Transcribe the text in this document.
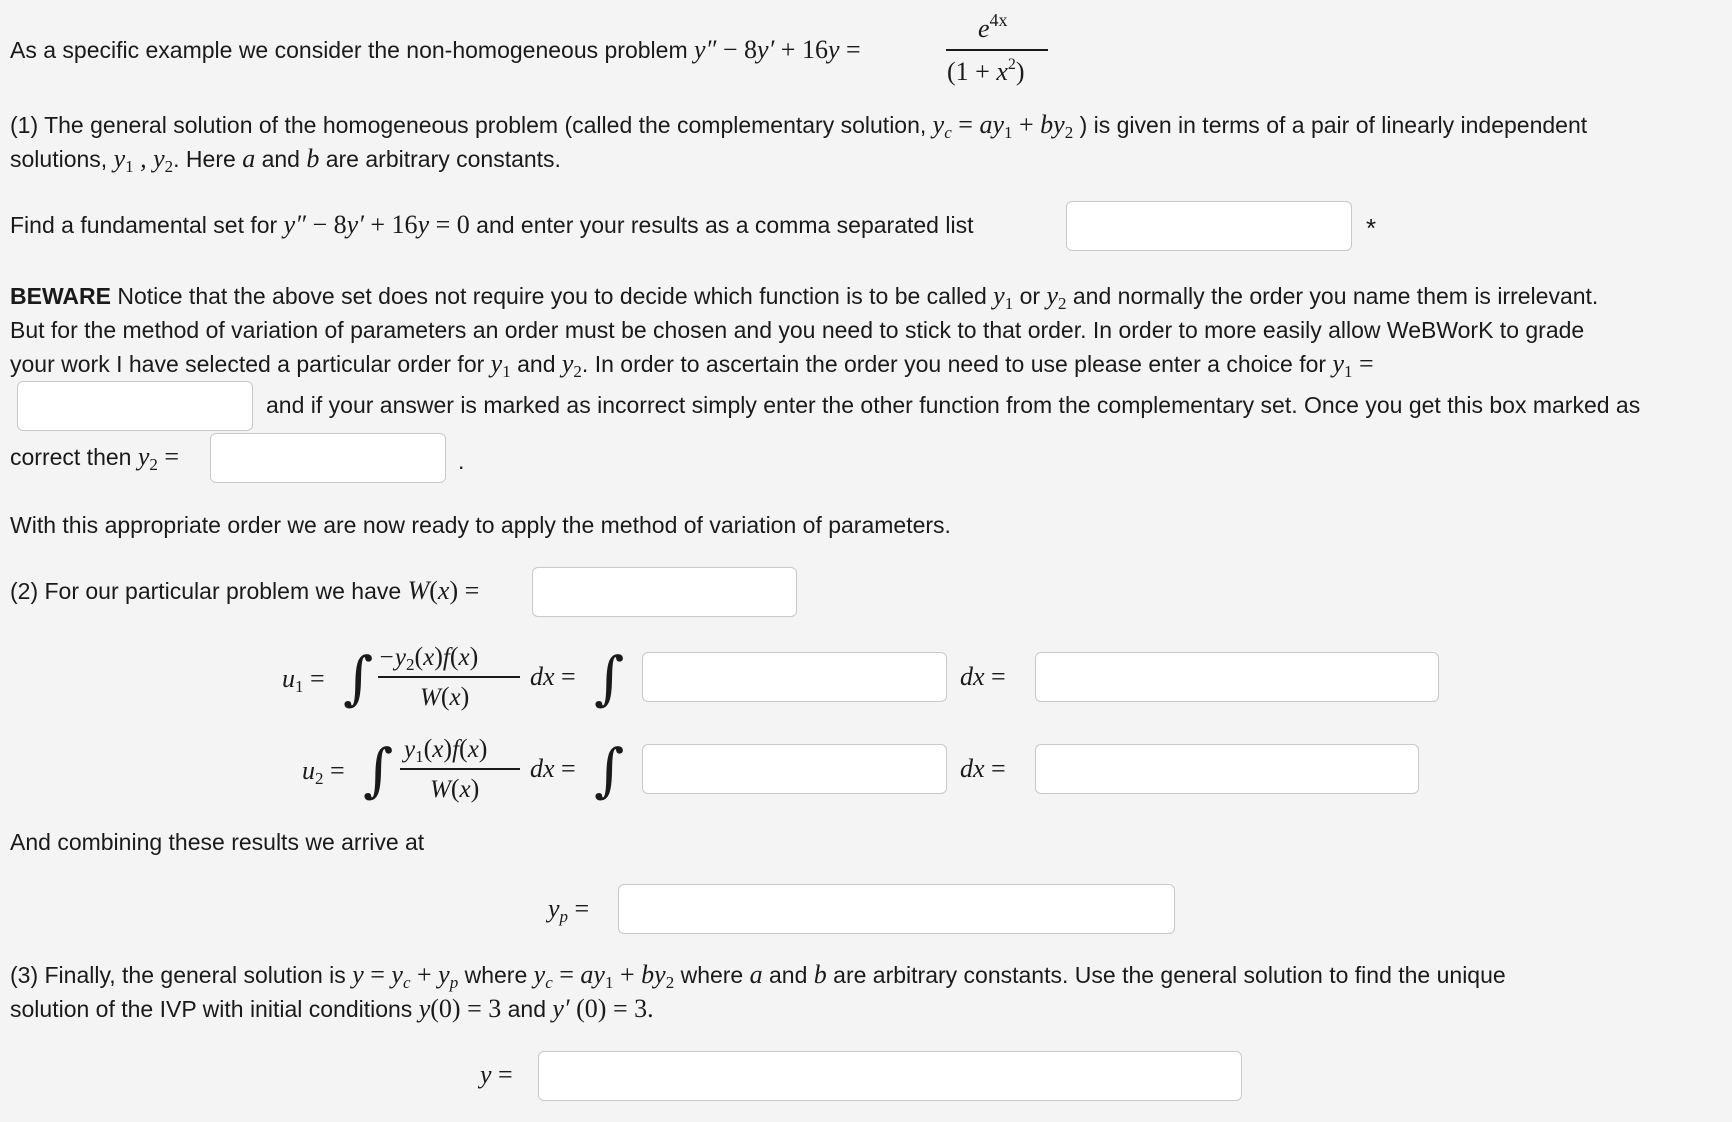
As a specific example we consider the non-homogeneous problem y″ − 8y′ + 16y =
$e^{4x}$
$(1 + x^2)$
(1) The general solution of the homogeneous problem (called the complementary solution, yc = $ay_1 + by_2$ ) is given in terms of a pair of linearly independent
solutions, $y_1$ , $y_2$. Here a and b are arbitrary constants.
Find a fundamental set for y″ − 8y′ + 16y = 0 and enter your results as a comma separated list	*
BEWARE Notice that the above set does not require you to decide which function is to be called $y_1$ or $y_2$ and normally the order you name them is irrelevant.
But for the method of variation of parameters an order must be chosen and you need to stick to that order. In order to more easily allow WeBWorK to grade
your work I have selected a particular order for $y_1$ and $y_2$. In order to ascertain the order you need to use please enter a choice for $y_1$ =
and if your answer is marked as incorrect simply enter the other function from the complementary set. Once you get this box marked as
correct then $y_2$ =	.
With this appropriate order we are now ready to apply the method of variation of parameters.
(2) For our particular problem we have W(x) =
$u_1$ = ∫ $-y_2(x)f(x)$
W(x)
dx = ∫	dx =
$u_2$ = ∫ $y_1(x)f(x)$
W(x)
dx = ∫	dx =
And combining these results we arrive at
yp =
(3) Finally, the general solution is y = yc + yp where yc = $ay_1 + by_2$ where a and b are arbitrary constants. Use the general solution to find the unique
solution of the IVP with initial conditions y(0) = 3 and y′ (0) = 3.
y =
